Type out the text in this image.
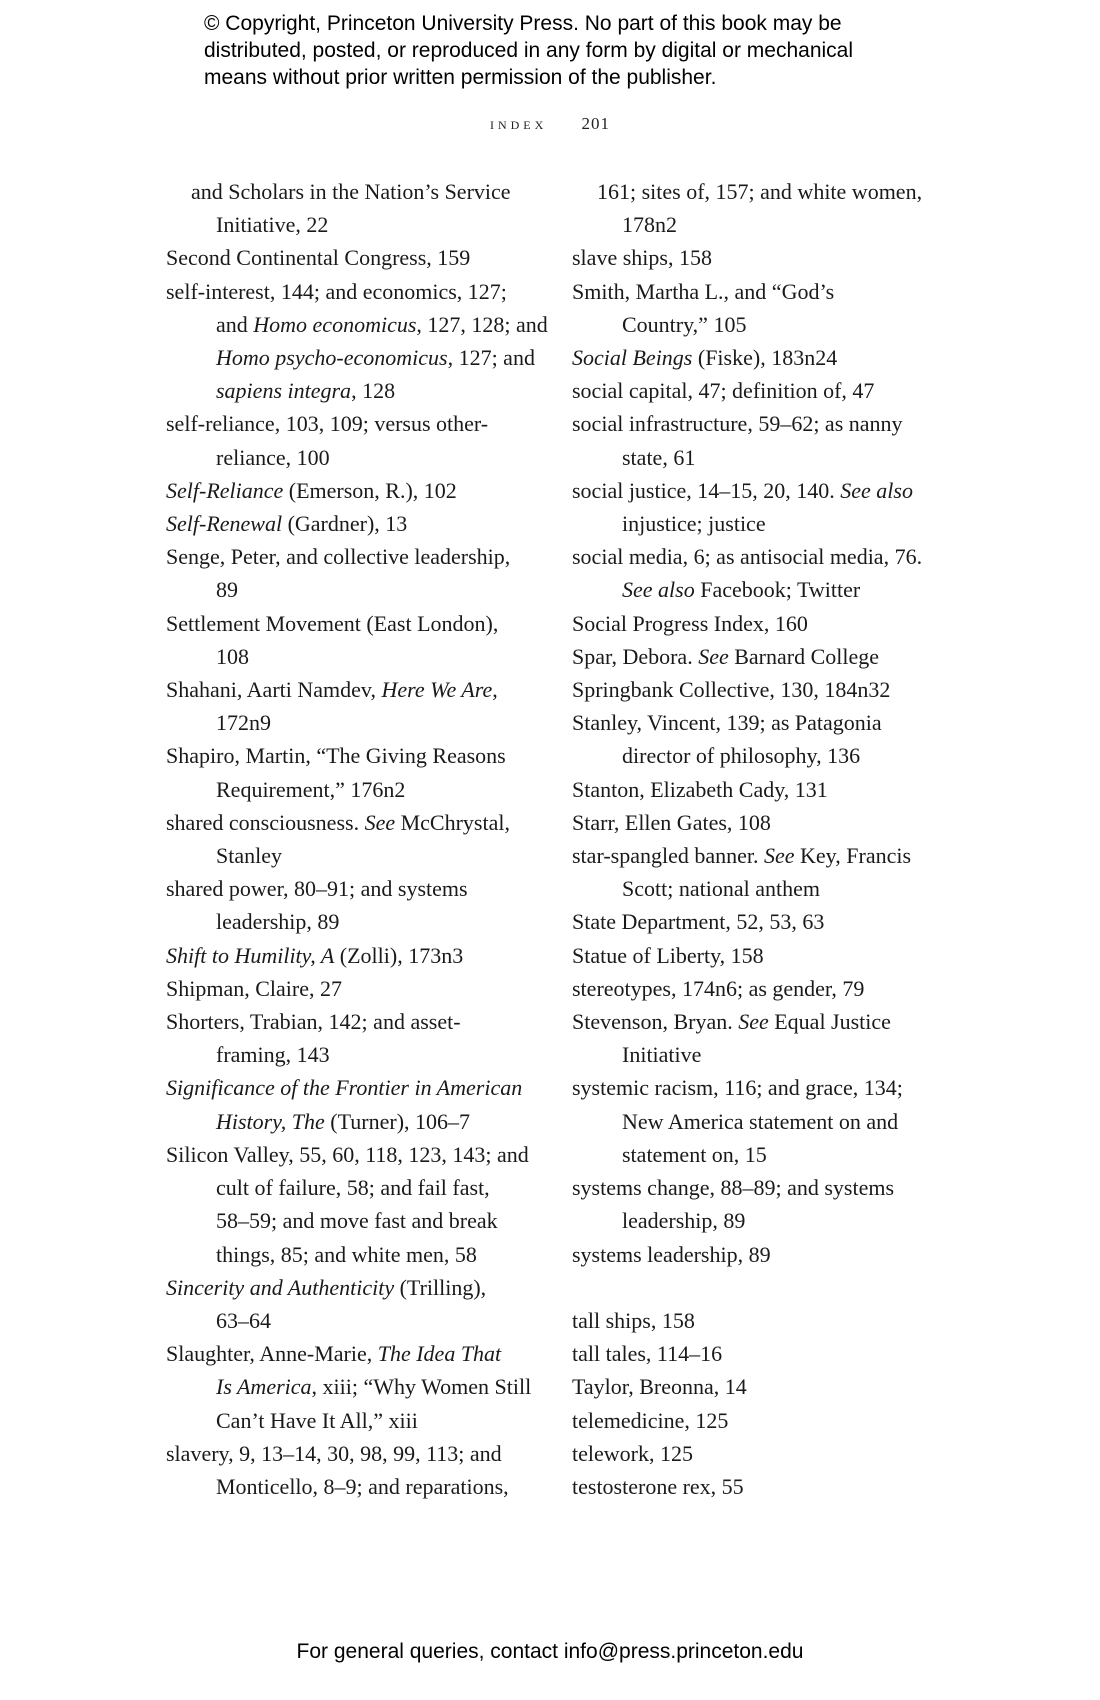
© Copyright, Princeton University Press. No part of this book may be
distributed, posted, or reproduced in any form by digital or mechanical
means without prior written permission of the publisher.
index 201
and Scholars in the Nation’s Service
Initiative, 22
Second Continental Congress, 159
self-interest, 144; and economics, 127;
and Homo economicus, 127, 128; and
Homo psycho-economicus, 127; and
sapiens integra, 128
self-reliance, 103, 109; versus other-
reliance, 100
Self-Reliance (Emerson, R.), 102
Self-Renewal (Gardner), 13
Senge, Peter, and collective leadership,
89
Settlement Movement (East London),
108
Shahani, Aarti Namdev, Here We Are,
172n9
Shapiro, Martin, “The Giving Reasons
Requirement,” 176n2
shared consciousness. See McChrystal,
Stanley
shared power, 80–91; and systems
leadership, 89
Shift to Humility, A (Zolli), 173n3
Shipman, Claire, 27
Shorters, Trabian, 142; and asset-
framing, 143
Significance of the Frontier in American
History, The (Turner), 106–7
Silicon Valley, 55, 60, 118, 123, 143; and
cult of failure, 58; and fail fast,
58–59; and move fast and break
things, 85; and white men, 58
Sincerity and Authenticity (Trilling),
63–64
Slaughter, Anne-Marie, The Idea That
Is America, xiii; “Why Women Still
Can’t Have It All,” xiii
slavery, 9, 13–14, 30, 98, 99, 113; and
Monticello, 8–9; and reparations,
161; sites of, 157; and white women,
178n2
slave ships, 158
Smith, Martha L., and “God’s
Country,” 105
Social Beings (Fiske), 183n24
social capital, 47; definition of, 47
social infrastructure, 59–62; as nanny
state, 61
social justice, 14–15, 20, 140. See also
injustice; justice
social media, 6; as antisocial media, 76.
See also Facebook; Twitter
Social Progress Index, 160
Spar, Debora. See Barnard College
Springbank Collective, 130, 184n32
Stanley, Vincent, 139; as Patagonia
director of philosophy, 136
Stanton, Elizabeth Cady, 131
Starr, Ellen Gates, 108
star-spangled banner. See Key, Francis
Scott; national anthem
State Department, 52, 53, 63
Statue of Liberty, 158
stereotypes, 174n6; as gender, 79
Stevenson, Bryan. See Equal Justice
Initiative
systemic racism, 116; and grace, 134;
New America statement on and
statement on, 15
systems change, 88–89; and systems
leadership, 89
systems leadership, 89
tall ships, 158
tall tales, 114–16
Taylor, Breonna, 14
telemedicine, 125
telework, 125
testosterone rex, 55
For general queries, contact info@press.princeton.edu
